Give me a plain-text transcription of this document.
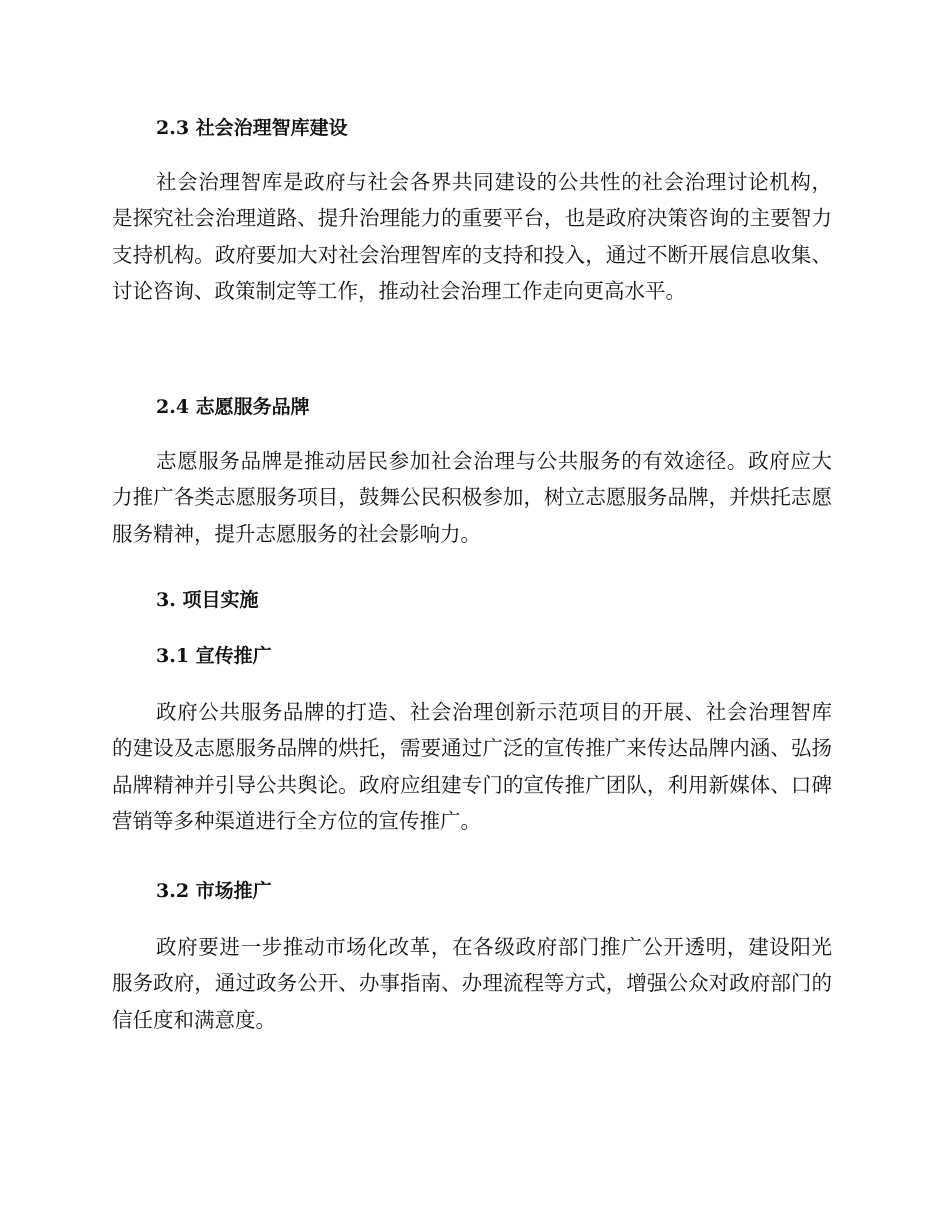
2.3 社会治理智库建设

社会治理智库是政府与社会各界共同建设的公共性的社会治理讨论机构，是探究社会治理道路、提升治理能力的重要平台，也是政府决策咨询的主要智力支持机构。政府要加大对社会治理智库的支持和投入，通过不断开展信息收集、讨论咨询、政策制定等工作，推动社会治理工作走向更高水平。

2.4 志愿服务品牌

志愿服务品牌是推动居民参加社会治理与公共服务的有效途径。政府应大力推广各类志愿服务项目，鼓舞公民积极参加，树立志愿服务品牌，并烘托志愿服务精神，提升志愿服务的社会影响力。

3. 项目实施
3.1 宣传推广

政府公共服务品牌的打造、社会治理创新示范项目的开展、社会治理智库的建设及志愿服务品牌的烘托，需要通过广泛的宣传推广来传达品牌内涵、弘扬品牌精神并引导公共舆论。政府应组建专门的宣传推广团队，利用新媒体、口碑营销等多种渠道进行全方位的宣传推广。

3.2 市场推广

政府要进一步推动市场化改革，在各级政府部门推广公开透明，建设阳光服务政府，通过政务公开、办事指南、办理流程等方式，增强公众对政府部门的信任度和满意度。
